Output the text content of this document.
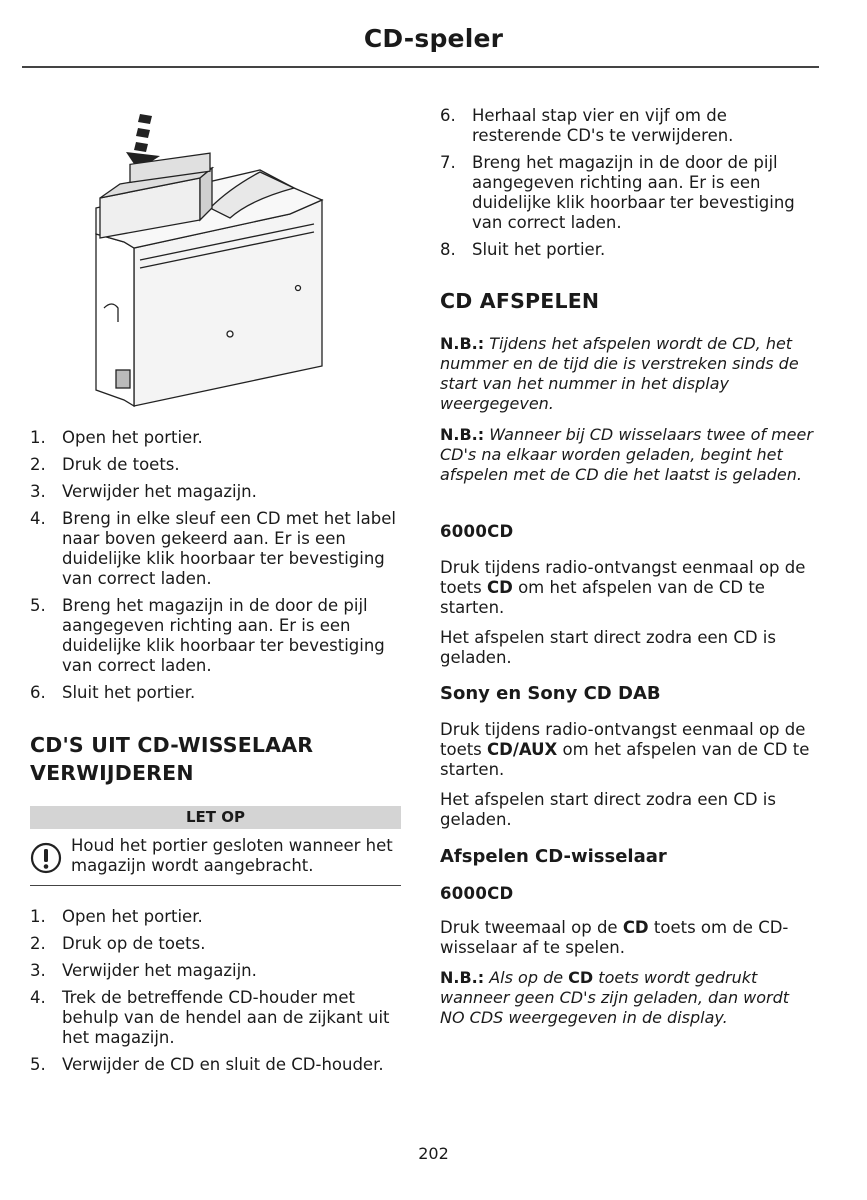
CD-speler
1. Open het portier.
2. Druk de toets.
3. Verwijder het magazijn.
4. Breng in elke sleuf een CD met het label naar boven gekeerd aan. Er is een duidelijke klik hoorbaar ter bevestiging van correct laden.
5. Breng het magazijn in de door de pijl aangegeven richting aan. Er is een duidelijke klik hoorbaar ter bevestiging van correct laden.
6. Sluit het portier.
CD'S UIT CD-WISSELAAR
VERWIJDEREN
LET OP
Houd het portier gesloten wanneer het magazijn wordt aangebracht.
1. Open het portier.
2. Druk op de toets.
3. Verwijder het magazijn.
4. Trek de betreffende CD-houder met behulp van de hendel aan de zijkant uit het magazijn.
5. Verwijder de CD en sluit de CD-houder.
6. Herhaal stap vier en vijf om de resterende CD's te verwijderen.
7. Breng het magazijn in de door de pijl aangegeven richting aan. Er is een duidelijke klik hoorbaar ter bevestiging van correct laden.
8. Sluit het portier.
CD AFSPELEN

N.B.: Tijdens het afspelen wordt de CD, het nummer en de tijd die is verstreken sinds de start van het nummer in het display weergegeven.

N.B.: Wanneer bij CD wisselaars twee of meer CD's na elkaar worden geladen, begint het afspelen met de CD die het laatst is geladen.

6000CD

Druk tijdens radio-ontvangst eenmaal op de toets CD om het afspelen van de CD te starten.

Het afspelen start direct zodra een CD is geladen.

Sony en Sony CD DAB

Druk tijdens radio-ontvangst eenmaal op de toets CD/AUX om het afspelen van de CD te starten.

Het afspelen start direct zodra een CD is geladen.

Afspelen CD-wisselaar
6000CD

Druk tweemaal op de CD toets om de CD-wisselaar af te spelen.

N.B.: Als op de CD toets wordt gedrukt wanneer geen CD's zijn geladen, dan wordt NO CDS weergegeven in de display.

202
